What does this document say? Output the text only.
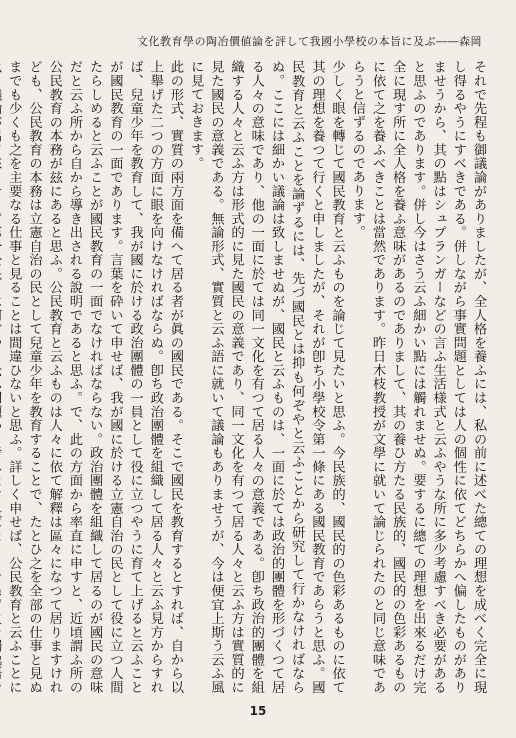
文化教育學の陶冶價値論を評して我國小學校の本旨に及ぶ――森岡

それで先程も御議論がありましたが、全人格を養ふには、私の前に述べた總ての理想を成べく完全に現し得るやうにすべきである。併しながら事實問題としては人の個性に依てどちらかへ偏したものがありませうから、其の點はシュプランガーなどの言ふ生活様式と云ふやうな所に多少考慮すべき必要があると思ふのであります。併し今はさう云ふ細かい點には觸れませぬ。要するに總ての理想を出來るだけ完全に現す所に全人格を養ふ意味があるのでありまして、其の養ひ方たる民族的、國民的の色彩あるものに依て之を養ふべきことは當然であります。昨日木枝教授が文學に就いて論じられたのと同じ意味であらうと信ずるのであります。

少しく眼を轉じて國民教育と云ふものを論じて見たいと思ふ。今民族的、國民的の色彩あるものに依て其の理想を養つて行くと申しましたが、それが卽ち小學校令第一條にある國民教育であらうと思ふ。國民教育と云ふことを論ずるには、先づ國民とは抑も何ぞやと云ふことから研究して行かなければならぬ。ここには細かい議論は致しませぬが、國民と云ふものは、一面に於ては政治的團體を形づくつて居る人々の意味であり、他の一面に於ては同一文化を有つて居る人々の意義である。卽ち政治的團體を組織する人々と云ふ方は形式的に見た國民の意義であり、同一文化を有つて居る人々と云ふ方は實質的に見た國民の意義である。無論形式、實質と云ふ語に就いて議論もありませうが、今は便宜上斯う云ふ風に見ておきます。

此の形式、實質の兩方面を備へて居る者が眞の國民である。そこで國民を教育するとすれば、自から以上舉げた二つの方面に眼を向けなければならぬ。卽ち政治團體を組織して居る人々と云ふ見方からすれば、兒童少年を教育して、我が國に於ける政治團體の一員として役に立つやうに育て上げると云ふことが國民教育の一面であります。言葉を砕いて申せば、我が國に於ける立憲自治の民として役に立つ人間たらしめると云ふことが國民教育の一面でなければならない。政治團體を組織して居るのが國民の意味だと云ふ所から自から導き出される說明であると思ふ。で、此の方面から率直に申すと、近頃謂ふ所の公民教育の本務が玆にあると思ふ。公民教育と云ふものは人々に依て解釋は區々になつて居りますけれども、公民教育の本務は立憲自治の民として兒童少年を教育することで、たとひ之を全部の仕事と見ぬまでも少くも之を主要なる仕事と見ることは間違ひないと思ふ。詳しく申せば、公民教育と云ふことに

15
